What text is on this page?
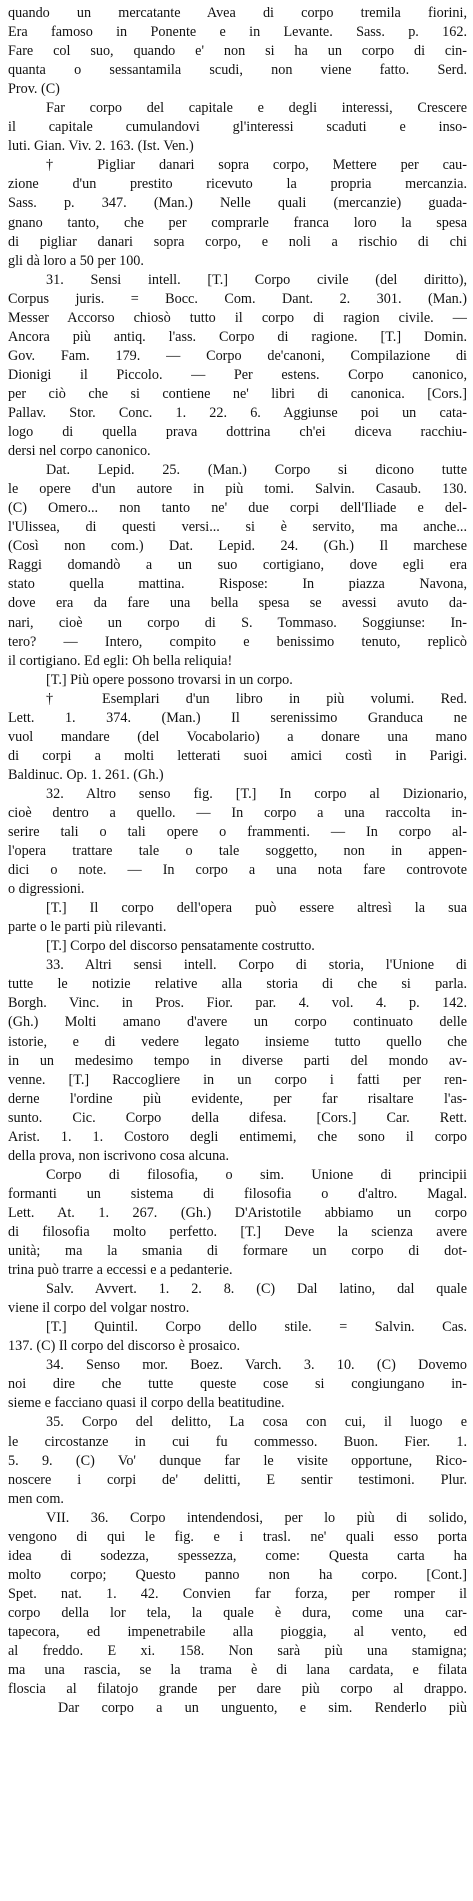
quando un mercatante Avea di corpo tremila fiorini,
Era famoso in Ponente e in Levante. Sass. p. 162.
Fare col suo, quando e' non si ha un corpo di cin-
quanta o sessantamila scudi, non viene fatto. Serd.
Prov. (C)
Far corpo del capitale e degli interessi, Crescere
il capitale cumulandovi gl'interessi scaduti e inso-
luti. Gian. Viv. 2. 163. (Ist. Ven.)
† Pigliar danari sopra corpo, Mettere per cau-
zione d'un prestito ricevuto la propria mercanzia.
Sass. p. 347. (Man.) Nelle quali (mercanzie) guada-
gnano tanto, che per comprarle franca loro la spesa
di pigliar danari sopra corpo, e noli a rischio di chi
gli dà loro a 50 per 100.
31. Sensi intell. [T.] Corpo civile (del diritto),
Corpus juris. = Bocc. Com. Dant. 2. 301. (Man.)
Messer Accorso chiosò tutto il corpo di ragion civile. —
Ancora più antiq. l'ass. Corpo di ragione. [T.] Domin.
Gov. Fam. 179. — Corpo de'canoni, Compilazione di
Dionigi il Piccolo. — Per estens. Corpo canonico,
per ciò che si contiene ne' libri di canonica. [Cors.]
Pallav. Stor. Conc. 1. 22. 6. Aggiunse poi un cata-
logo di quella prava dottrina ch'ei diceva racchiu-
dersi nel corpo canonico.
Dat. Lepid. 25. (Man.) Corpo si dicono tutte
le opere d'un autore in più tomi. Salvin. Casaub. 130.
(C) Omero... non tanto ne' due corpi dell'Iliade e del-
l'Ulissea, di questi versi... si è servito, ma anche...
(Così non com.) Dat. Lepid. 24. (Gh.) Il marchese
Raggi domandò a un suo cortigiano, dove egli era
stato quella mattina. Rispose: In piazza Navona,
dove era da fare una bella spesa se avessi avuto da-
nari, cioè un corpo di S. Tommaso. Soggiunse: In-
tero? — Intero, compito e benissimo tenuto, replicò
il cortigiano. Ed egli: Oh bella reliquia!
[T.] Più opere possono trovarsi in un corpo.
† Esemplari d'un libro in più volumi. Red.
Lett. 1. 374. (Man.) Il serenissimo Granduca ne
vuol mandare (del Vocabolario) a donare una mano
di corpi a molti letterati suoi amici costì in Parigi.
Baldinuc. Op. 1. 261. (Gh.)
32. Altro senso fig. [T.] In corpo al Dizionario,
cioè dentro a quello. — In corpo a una raccolta in-
serire tali o tali opere o frammenti. — In corpo al-
l'opera trattare tale o tale soggetto, non in appen-
dici o note. — In corpo a una nota fare controvote
o digressioni.
[T.] Il corpo dell'opera può essere altresì la sua
parte o le parti più rilevanti.
[T.] Corpo del discorso pensatamente costrutto.
33. Altri sensi intell. Corpo di storia, l'Unione di
tutte le notizie relative alla storia di che si parla.
Borgh. Vinc. in Pros. Fior. par. 4. vol. 4. p. 142.
(Gh.) Molti amano d'avere un corpo continuato delle
istorie, e di vedere legato insieme tutto quello che
in un medesimo tempo in diverse parti del mondo av-
venne. [T.] Raccogliere in un corpo i fatti per ren-
derne l'ordine più evidente, per far risaltare l'as-
sunto. Cic. Corpo della difesa. [Cors.] Car. Rett.
Arist. 1. 1. Costoro degli entimemi, che sono il corpo
della prova, non iscrivono cosa alcuna.
Corpo di filosofia, o sim. Unione di principii
formanti un sistema di filosofia o d'altro. Magal.
Lett. At. 1. 267. (Gh.) D'Aristotile abbiamo un corpo
di filosofia molto perfetto. [T.] Deve la scienza avere
unità; ma la smania di formare un corpo di dot-
trina può trarre a eccessi e a pedanterie.
Salv. Avvert. 1. 2. 8. (C) Dal latino, dal quale
viene il corpo del volgar nostro.
[T.] Quintil. Corpo dello stile. = Salvin. Cas.
137. (C) Il corpo del discorso è prosaico.
34. Senso mor. Boez. Varch. 3. 10. (C) Dovemo
noi dire che tutte queste cose si congiungano in-
sieme e facciano quasi il corpo della beatitudine.
35. Corpo del delitto, La cosa con cui, il luogo e
le circostanze in cui fu commesso. Buon. Fier. 1.
5. 9. (C) Vo' dunque far le visite opportune, Rico-
noscere i corpi de' delitti, E sentir testimoni. Plur.
men com.
VII. 36. Corpo intendendosi, per lo più di solido,
vengono di qui le fig. e i trasl. ne' quali esso porta
idea di sodezza, spessezza, come: Questa carta ha
molto corpo; Questo panno non ha corpo. [Cont.]
Spet. nat. 1. 42. Convien far forza, per romper il
corpo della lor tela, la quale è dura, come una car-
tapecora, ed impenetrabile alla pioggia, al vento, ed
al freddo. E xi. 158. Non sarà più una stamigna;
ma una rascia, se la trama è di lana cardata, e filata
floscia al filatojo grande per dare più corpo al drappo.
Dar corpo a un unguento, e sim. Renderlo più
